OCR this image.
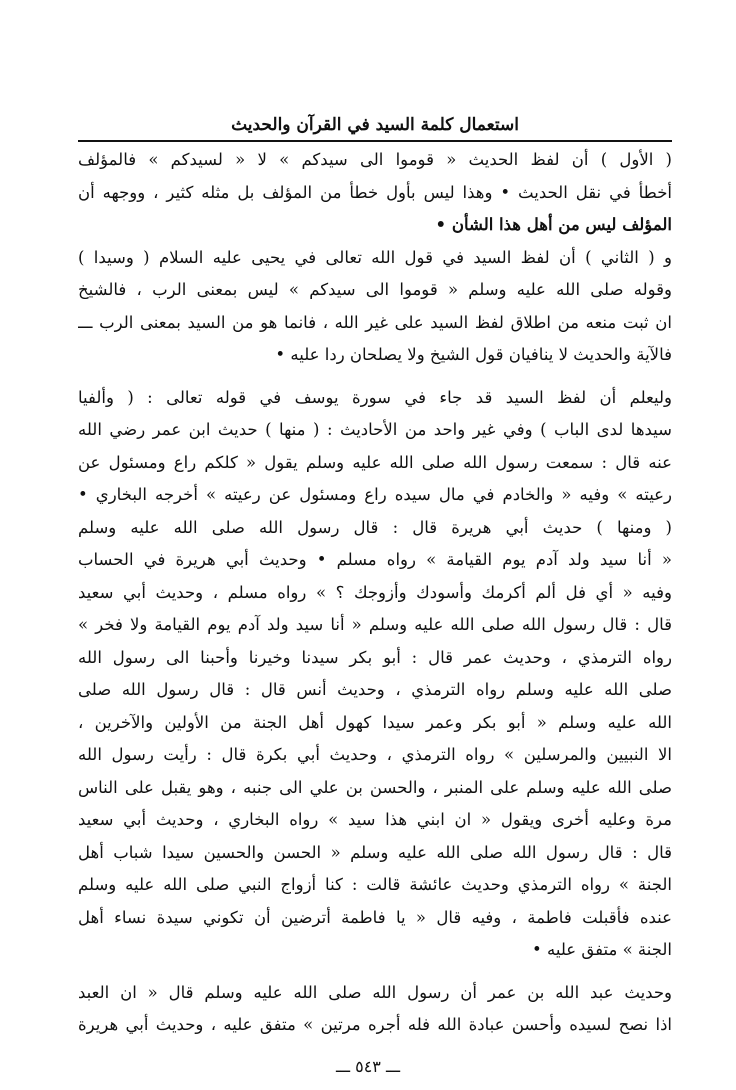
استعمال كلمة السيد في القرآن والحديث
( الأول ) أن لفظ الحديث « قوموا الى سيدكم » لا « لسيدكم » فالمؤلف
أخطأ في نقل الحديث • وهذا ليس بأول خطأ من المؤلف بل مثله كثير ، ووجهه أن
المؤلف ليس من أهل هذا الشأن •
و ( الثاني ) أن لفظ السيد في قول الله تعالى في يحيى عليه السلام ( وسيدا )
وقوله صلى الله عليه وسلم « قوموا الى سيدكم » ليس بمعنى الرب ، فالشيخ
ان ثبت منعه من اطلاق لفظ السيد على غير الله ، فانما هو من السيد بمعنى الرب ـــ
فالآية والحديث لا ينافيان قول الشيخ ولا يصلحان ردا عليه •
وليعلم أن لفظ السيد قد جاء في سورة يوسف في قوله تعالى : ( وألفيا
سيدها لدى الباب ) وفي غير واحد من الأحاديث : ( منها ) حديث ابن عمر رضي الله
عنه قال : سمعت رسول الله صلى الله عليه وسلم يقول « كلكم راع ومسئول عن
رعيته » وفيه « والخادم في مال سيده راع ومسئول عن رعيته » أخرجه البخاري •
( ومنها ) حديث أبي هريرة قال : قال رسول الله صلى الله عليه وسلم
« أنا سيد ولد آدم يوم القيامة » رواه مسلم • وحديث أبي هريرة في الحساب
وفيه « أي فل ألم أكرمك وأسودك وأزوجك ؟ » رواه مسلم ، وحديث أبي سعيد
قال : قال رسول الله صلى الله عليه وسلم « أنا سيد ولد آدم يوم القيامة ولا فخر »
رواه الترمذي ، وحديث عمر قال : أبو بكر سيدنا وخيرنا وأحبنا الى رسول الله
صلى الله عليه وسلم رواه الترمذي ، وحديث أنس قال : قال رسول الله صلى
الله عليه وسلم « أبو بكر وعمر سيدا كهول أهل الجنة من الأولين والآخرين ،
الا النبيين والمرسلين » رواه الترمذي ، وحديث أبي بكرة قال : رأيت رسول الله
صلى الله عليه وسلم على المنبر ، والحسن بن علي الى جنبه ، وهو يقبل على الناس
مرة وعليه أخرى ويقول « ان ابني هذا سيد » رواه البخاري ، وحديث أبي سعيد
قال : قال رسول الله صلى الله عليه وسلم « الحسن والحسين سيدا شباب أهل
الجنة » رواه الترمذي وحديث عائشة قالت : كنا أزواج النبي صلى الله عليه وسلم
عنده فأقبلت فاطمة ، وفيه قال « يا فاطمة أترضين أن تكوني سيدة نساء أهل
الجنة » متفق عليه •
وحديث عبد الله بن عمر أن رسول الله صلى الله عليه وسلم قال « ان العبد
اذا نصح لسيده وأحسن عبادة الله فله أجره مرتين » متفق عليه ، وحديث أبي هريرة
ـــ ٥٤٣ ـــ
